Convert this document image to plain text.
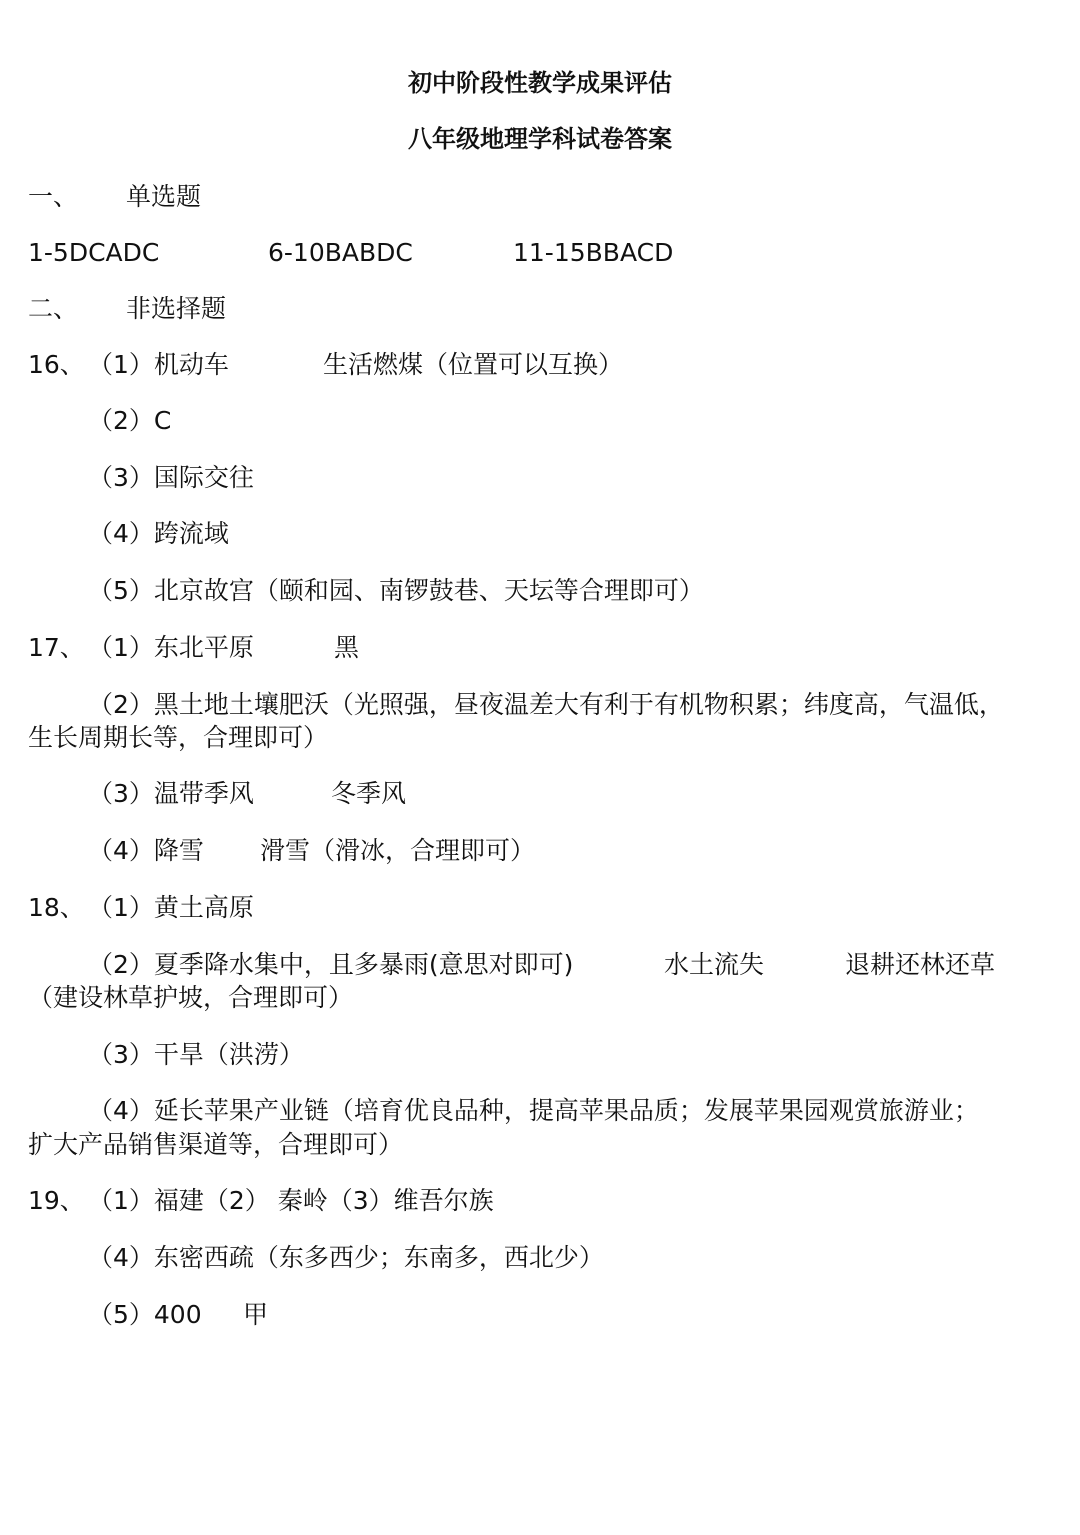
初中阶段性教学成果评估
八年级地理学科试卷答案
一、 单选题
1-5DCADC	6-10BABDC	11-15BBACD
二、 非选择题
16、 （1）机动车	生活燃煤（位置可以互换）
（2）C
（3）国际交往
（4）跨流域
（5）北京故宫（颐和园、南锣鼓巷、天坛等合理即可）
17、 （1）东北平原	黑
（2）黑土地土壤肥沃（光照强，昼夜温差大有利于有机物积累；纬度高，气温低，
生长周期长等，合理即可）
（3）温带季风	冬季风
（4）降雪 滑雪（滑冰，合理即可）
18、 （1）黄土高原
（2）夏季降水集中，且多暴雨(意思对即可)	水土流失	退耕还林还草
（建设林草护坡，合理即可）
（3）干旱（洪涝）
（4）延长苹果产业链（培育优良品种，提高苹果品质；发展苹果园观赏旅游业；
扩大产品销售渠道等，合理即可）
19、 （1）福建（2） 秦岭（3）维吾尔族
（4）东密西疏（东多西少；东南多，西北少）
（5）400 甲
